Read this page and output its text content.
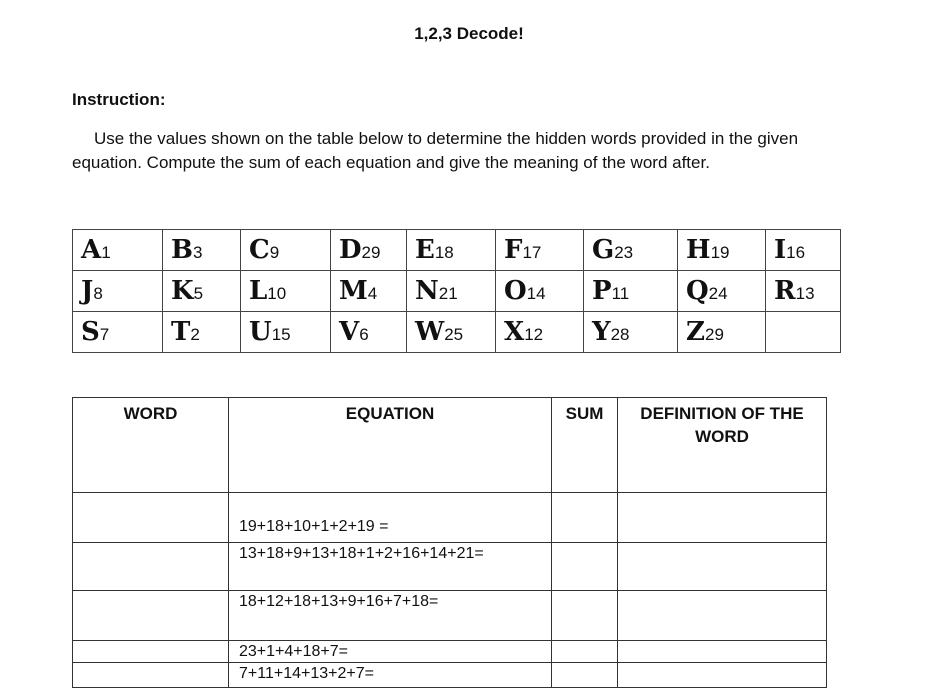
1,2,3 Decode!
Instruction:
Use the values shown on the table below to determine the hidden words provided in the given equation. Compute the sum of each equation and give the meaning of the word after.
A1	B3	C9	D29	E18	F17	G23	H19	I16
J8	K5	L10	M4	N21	O14	P11	Q24	R13
S7	T2	U15	V6	W25	X12	Y28	Z29	
WORD	EQUATION	SUM	DEFINITION OF THE WORD
	19+18+10+1+2+19 =		
	13+18+9+13+18+1+2+16+14+21=		
	18+12+18+13+9+16+7+18=		
	23+1+4+18+7=		
	7+11+14+13+2+7=		
